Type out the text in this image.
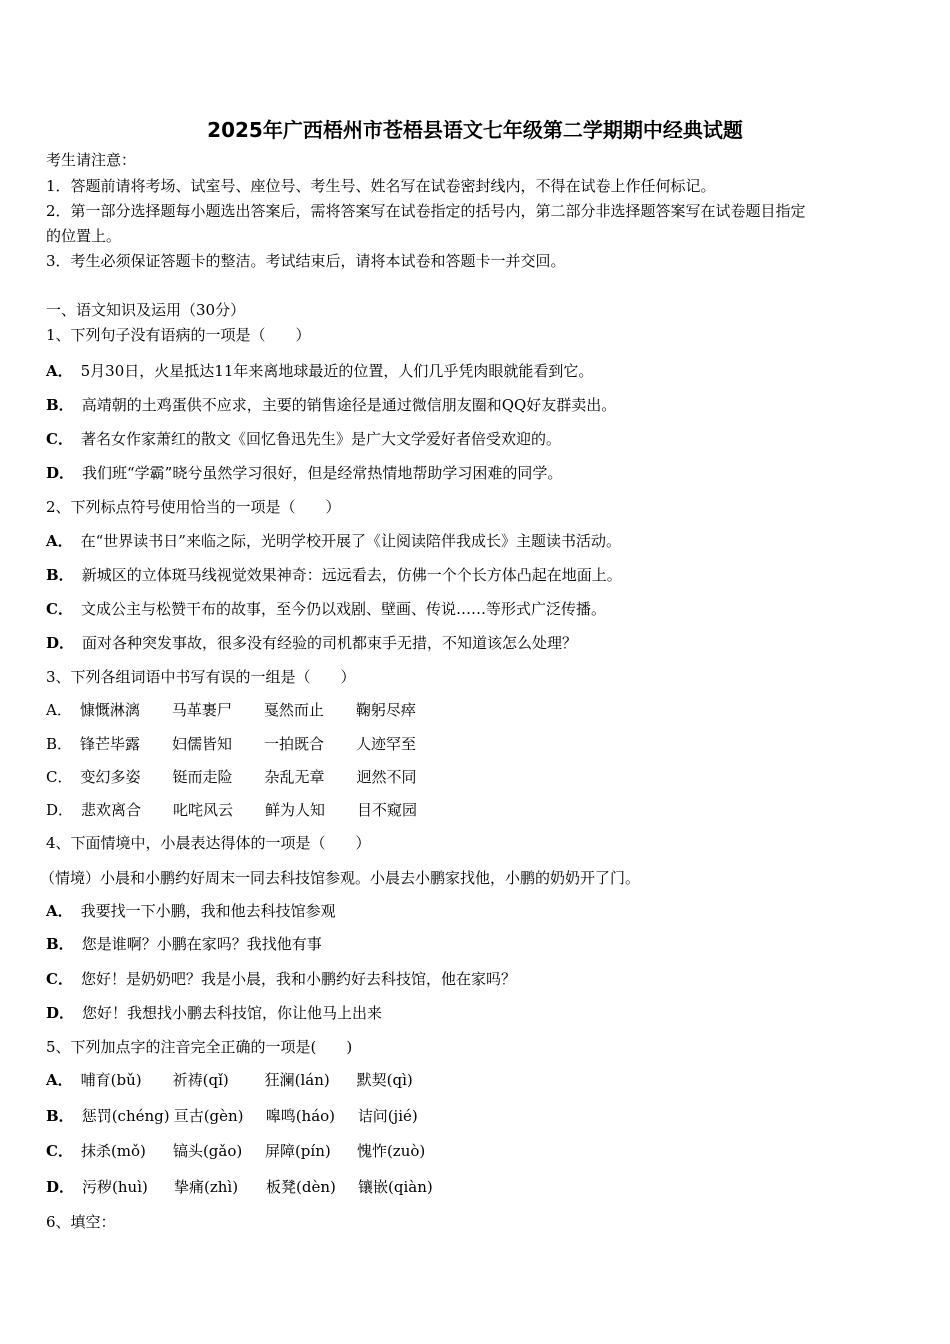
2025年广西梧州市苍梧县语文七年级第二学期期中经典试题
考生请注意：
1．答题前请将考场、试室号、座位号、考生号、姓名写在试卷密封线内，不得在试卷上作任何标记。
2．第一部分选择题每小题选出答案后，需将答案写在试卷指定的括号内，第二部分非选择题答案写在试卷题目指定
的位置上。
3．考生必须保证答题卡的整洁。考试结束后，请将本试卷和答题卡一并交回。
一、语文知识及运用（30分）
1、下列句子没有语病的一项是（　　）
A． 5月30日，火星抵达11年来离地球最近的位置，人们几乎凭肉眼就能看到它。
B． 高靖朝的土鸡蛋供不应求，主要的销售途径是通过微信朋友圈和QQ好友群卖出。
C． 著名女作家萧红的散文《回忆鲁迅先生》是广大文学爱好者倍受欢迎的。
D． 我们班“学霸”晓兮虽然学习很好，但是经常热情地帮助学习困难的同学。
2、下列标点符号使用恰当的一项是（　　）
A． 在“世界读书日”来临之际，光明学校开展了《让阅读陪伴我成长》主题读书活动。
B． 新城区的立体斑马线视觉效果神奇：远远看去，仿佛一个个长方体凸起在地面上。
C． 文成公主与松赞干布的故事，至今仍以戏剧、壁画、传说……等形式广泛传播。
D． 面对各种突发事故，很多没有经验的司机都束手无措，不知道该怎么处理？
3、下列各组词语中书写有误的一组是（　　）
A． 慷慨淋漓 马革裹尸 戛然而止 鞠躬尽瘁
B． 锋芒毕露 妇儒皆知 一拍既合 人迹罕至
C． 变幻多姿 铤而走险 杂乱无章 迥然不同
D． 悲欢离合 叱咤风云 鲜为人知 目不窥园
4、下面情境中，小晨表达得体的一项是（　　）
（情境）小晨和小鹏约好周末一同去科技馆参观。小晨去小鹏家找他，小鹏的奶奶开了门。
A． 我要找一下小鹏，我和他去科技馆参观
B． 您是谁啊？小鹏在家吗？我找他有事
C． 您好！是奶奶吧？我是小晨，我和小鹏约好去科技馆，他在家吗？
D． 您好！我想找小鹏去科技馆，你让他马上出来
5、下列加点字的注音完全正确的一项是(　　)
A． 哺育(bǔ) 祈祷(qǐ) 狂澜(lán) 默契(qì)
B． 惩罚(chéng) 亘古(gèn) 嗥鸣(háo) 诘问(jié)
C． 抹杀(mǒ) 镐头(gǎo) 屏障(pín) 愧怍(zuò)
D． 污秽(huì) 挚痛(zhì) 板凳(dèn) 镶嵌(qiàn)
6、填空：
